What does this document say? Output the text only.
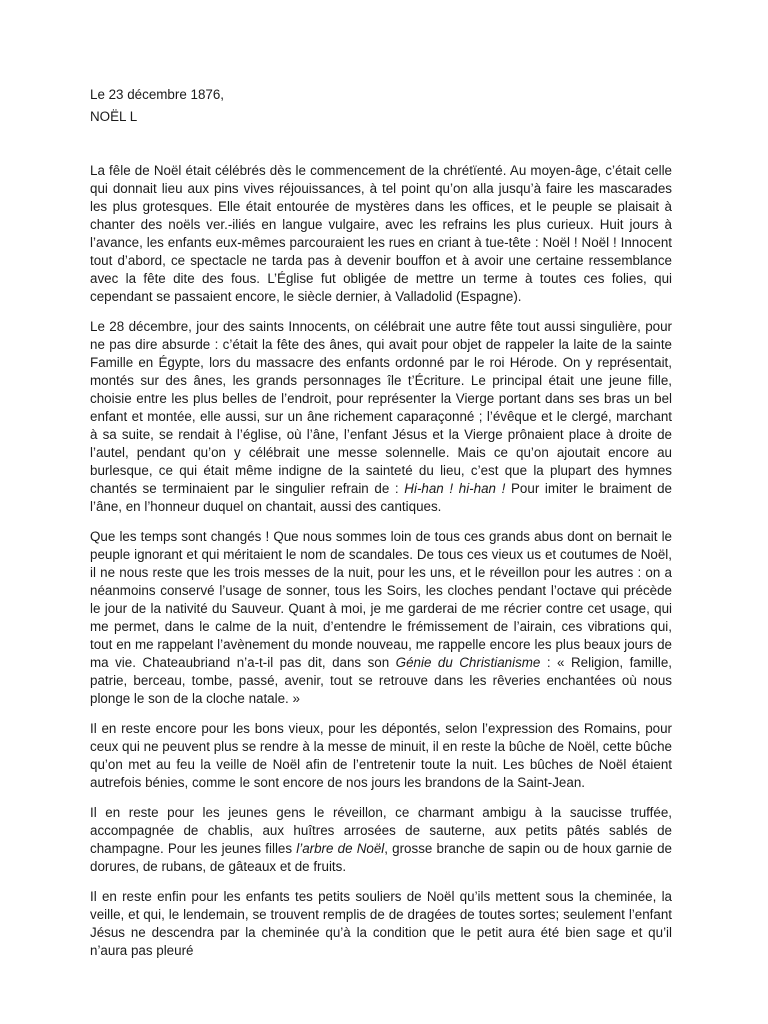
Le 23 décembre 1876,

NOËL L

La fêle de Noël était célébrés dès le commencement de la chrétïenté. Au moyen-âge, c’était celle qui donnait lieu aux pins vives réjouissances, à tel point qu’on alla jusqu’à faire les mascarades les plus grotesques. Elle était entourée de mystères dans les offices, et le peuple se plaisait à chanter des noëls ver.-iliés en langue vulgaire, avec les refrains les plus curieux. Huit jours à l’avance, les enfants eux-mêmes parcouraient les rues en criant à tue-tête : Noël ! Noël ! Innocent tout d’abord, ce spectacle ne tarda pas à devenir bouffon et à avoir une certaine ressemblance avec la fête dite des fous. L’Église fut obligée de mettre un terme à toutes ces folies, qui cependant se passaient encore, le siècle dernier, à Valladolid (Espagne).

Le 28 décembre, jour des saints Innocents, on célébrait une autre fête tout aussi singulière, pour ne pas dire absurde : c’était la fête des ânes, qui avait pour objet de rappeler la laite de la sainte Famille en Égypte, lors du massacre des enfants ordonné par le roi Hérode. On y représentait, montés sur des ânes, les grands personnages île t’Écriture. Le principal était une jeune fille, choisie entre les plus belles de l’endroit, pour représenter la Vierge portant dans ses bras un bel enfant et montée, elle aussi, sur un âne richement caparaçonné ; l’évêque et le clergé, marchant à sa suite, se rendait à l’église, où l’âne, l’enfant Jésus et la Vierge prônaient place à droite de l’autel, pendant qu’on y célébrait une messe solennelle. Mais ce qu’on ajoutait encore au burlesque, ce qui était même indigne de la sainteté du lieu, c’est que la plupart des hymnes chantés se terminaient par le singulier refrain de : Hi-han ! hi-han ! Pour imiter le braiment de l’âne, en l’honneur duquel on chantait, aussi des cantiques.

Que les temps sont changés ! Que nous sommes loin de tous ces grands abus dont on bernait le peuple ignorant et qui méritaient le nom de scandales. De tous ces vieux us et coutumes de Noël, il ne nous reste que les trois messes de la nuit, pour les uns, et le réveillon pour les autres : on a néanmoins conservé l’usage de sonner, tous les Soirs, les cloches pendant l’octave qui précède le jour de la nativité du Sauveur. Quant à moi, je me garderai de me récrier contre cet usage, qui me permet, dans le calme de la nuit, d’entendre le frémissement de l’airain, ces vibrations qui, tout en me rappelant l’avènement du monde nouveau, me rappelle encore les plus beaux jours de ma vie. Chateaubriand n’a-t-il pas dit, dans son Génie du Christianisme : « Religion, famille, patrie, berceau, tombe, passé, avenir, tout se retrouve dans les rêveries enchantées où nous plonge le son de la cloche natale. »

Il en reste encore pour les bons vieux, pour les dépontés, selon l’expression des Romains, pour ceux qui ne peuvent plus se rendre à la messe de minuit, il en reste la bûche de Noël, cette bûche qu’on met au feu la veille de Noël afin de l’entretenir toute la nuit. Les bûches de Noël étaient autrefois bénies, comme le sont encore de nos jours les brandons de la Saint-Jean.

Il en reste pour les jeunes gens le réveillon, ce charmant ambigu à la saucisse truffée, accompagnée de chablis, aux huîtres arrosées de sauterne, aux petits pâtés sablés de champagne. Pour les jeunes filles l’arbre de Noël, grosse branche de sapin ou de houx garnie de dorures, de rubans, de gâteaux et de fruits.

Il en reste enfin pour les enfants tes petits souliers de Noël qu’ils mettent sous la cheminée, la veille, et qui, le lendemain, se trouvent remplis de de dragées de toutes sortes; seulement l’enfant Jésus ne descendra par la cheminée qu’à la condition que le petit aura été bien sage et qu’il n’aura pas pleuré
